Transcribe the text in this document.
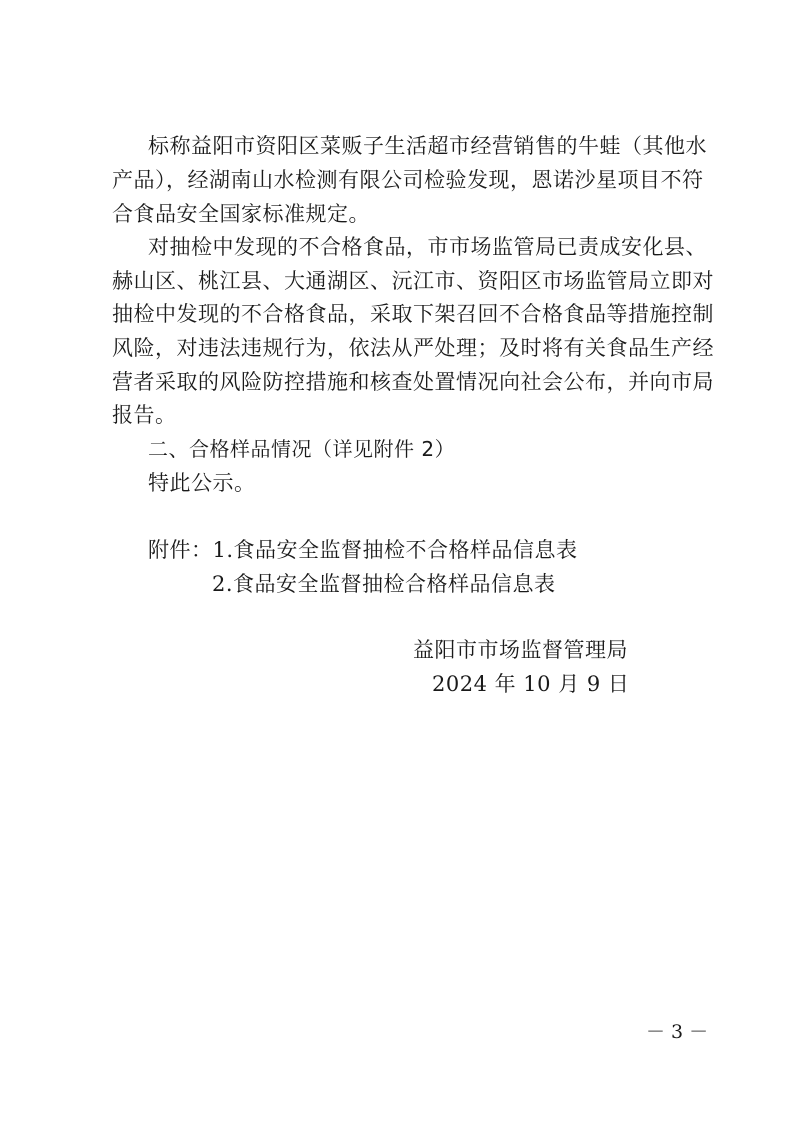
标称益阳市资阳区菜贩子生活超市经营销售的牛蛙（其他水
产品），经湖南山水检测有限公司检验发现，恩诺沙星项目不符
合食品安全国家标准规定。
对抽检中发现的不合格食品，市市场监管局已责成安化县、
赫山区、桃江县、大通湖区、沅江市、资阳区市场监管局立即对
抽检中发现的不合格食品，采取下架召回不合格食品等措施控制
风险，对违法违规行为，依法从严处理；及时将有关食品生产经
营者采取的风险防控措施和核查处置情况向社会公布，并向市局
报告。
二、合格样品情况（详见附件 2）
特此公示。
附件：1.食品安全监督抽检不合格样品信息表
2.食品安全监督抽检合格样品信息表
益阳市市场监督管理局
2024 年 10 月 9 日
－ 3 －
